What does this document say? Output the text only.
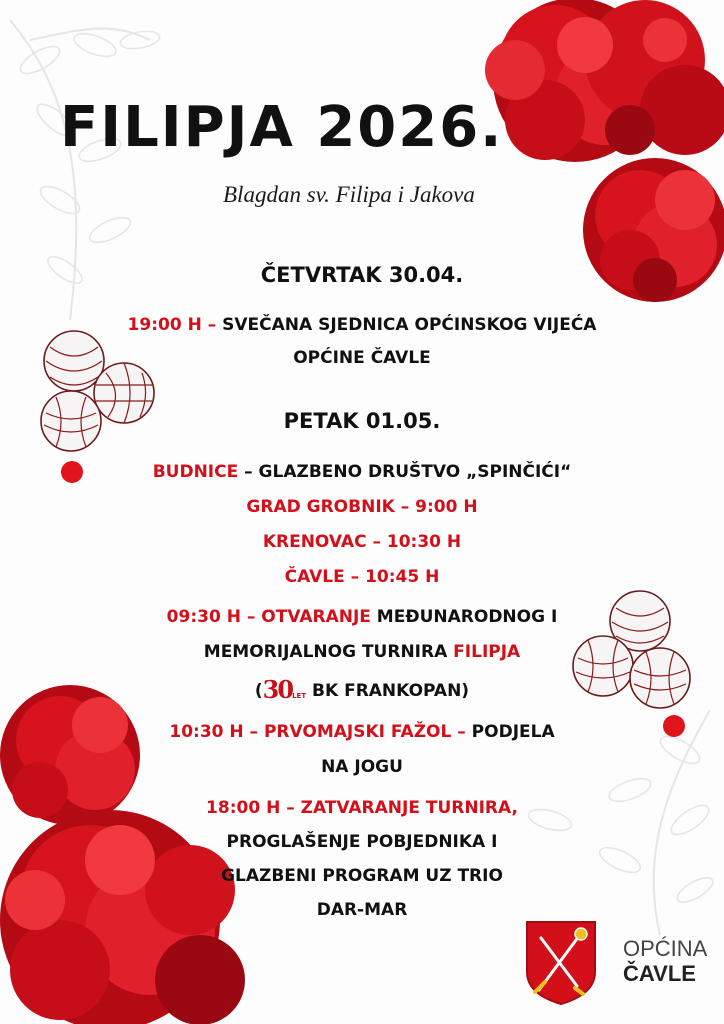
FILIPJA 2026.

Blagdan sv. Filipa i Jakova

ČETVRTAK 30.04.

19:00 H – SVEČANA SJEDNICA OPĆINSKOG VIJEĆA

OPĆINE ČAVLE

PETAK 01.05.

BUDNICE – GLAZBENO DRUŠTVO „SPINČIĆI“

GRAD GROBNIK – 9:00 H

KRENOVAC – 10:30 H

ČAVLE – 10:45 H

09:30 H – OTVARANJE MEĐUNARODNOG I

MEMORIJALNOG TURNIRA FILIPJA

(30LET BK FRANKOPAN)

10:30 H – PRVOMAJSKI FAŽOL – PODJELA

NA JOGU

18:00 H – ZATVARANJE TURNIRA,

PROGLAŠENJE POBJEDNIKA I

GLAZBENI PROGRAM UZ TRIO

DAR-MAR

OPĆINA
ČAVLE
